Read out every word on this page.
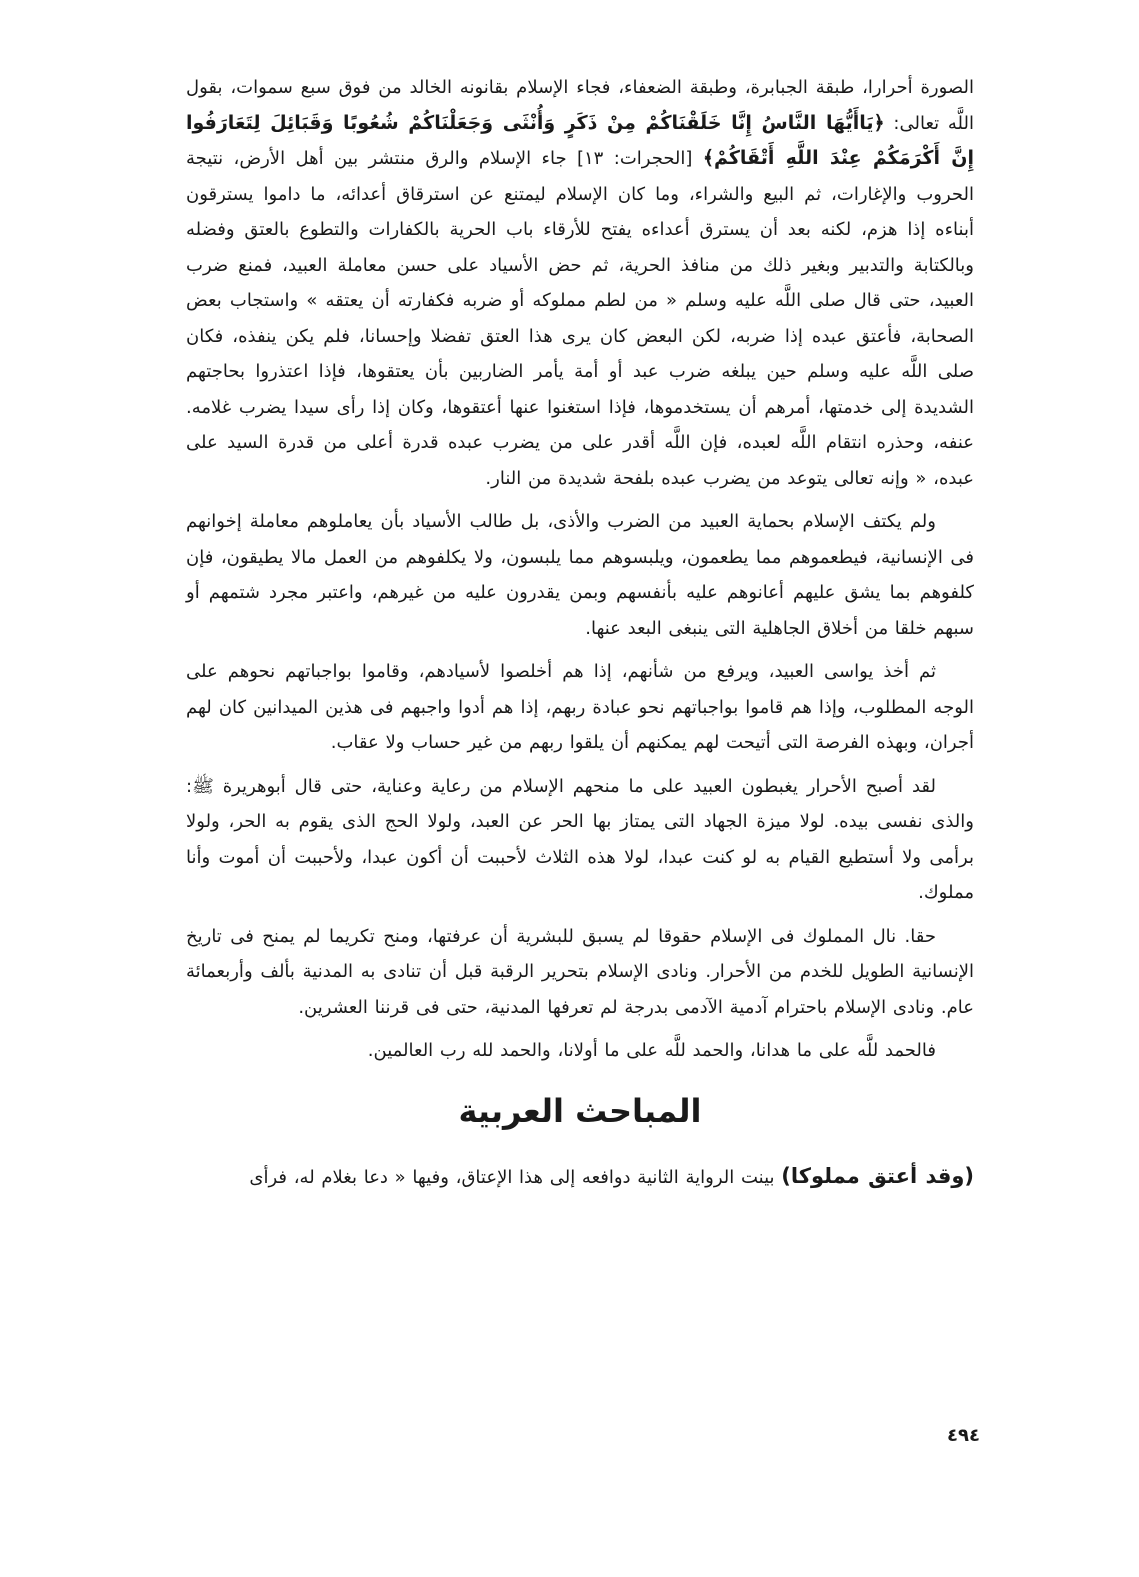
الصورة أحرارا، طبقة الجبابرة، وطبقة الضعفاء، فجاء الإسلام بقانونه الخالد من فوق سبع سموات، بقول اللَّه تعالى: ﴿يَاأَيُّهَا النَّاسُ إِنَّا خَلَقْنَاكُمْ مِنْ ذَكَرٍ وَأُنْثَى وَجَعَلْنَاكُمْ شُعُوبًا وَقَبَائِلَ لِتَعَارَفُوا إِنَّ أَكْرَمَكُمْ عِنْدَ اللَّهِ أَتْقَاكُمْ﴾ [الحجرات: ١٣] جاء الإسلام والرق منتشر بين أهل الأرض، نتيجة الحروب والإغارات، ثم البيع والشراء، وما كان الإسلام ليمتنع عن استرقاق أعدائه، ما داموا يسترقون أبناءه إذا هزم، لكنه بعد أن يسترق أعداءه يفتح للأرقاء باب الحرية بالكفارات والتطوع بالعتق وفضله وبالكتابة والتدبير وبغير ذلك من منافذ الحرية، ثم حض الأسياد على حسن معاملة العبيد، فمنع ضرب العبيد، حتى قال صلى اللَّه عليه وسلم « من لطم مملوكه أو ضربه فكفارته أن يعتقه » واستجاب بعض الصحابة، فأعتق عبده إذا ضربه، لكن البعض كان يرى هذا العتق تفضلا وإحسانا، فلم يكن ينفذه، فكان صلى اللَّه عليه وسلم حين يبلغه ضرب عبد أو أمة يأمر الضاربين بأن يعتقوها، فإذا اعتذروا بحاجتهم الشديدة إلى خدمتها، أمرهم أن يستخدموها، فإذا استغنوا عنها أعتقوها، وكان إذا رأى سيدا يضرب غلامه. عنفه، وحذره انتقام اللَّه لعبده، فإن اللَّه أقدر على من يضرب عبده قدرة أعلى من قدرة السيد على عبده، « وإنه تعالى يتوعد من يضرب عبده بلفحة شديدة من النار.

ولم يكتف الإسلام بحماية العبيد من الضرب والأذى، بل طالب الأسياد بأن يعاملوهم معاملة إخوانهم فى الإنسانية، فيطعموهم مما يطعمون، ويلبسوهم مما يلبسون، ولا يكلفوهم من العمل مالا يطيقون، فإن كلفوهم بما يشق عليهم أعانوهم عليه بأنفسهم وبمن يقدرون عليه من غيرهم، واعتبر مجرد شتمهم أو سبهم خلقا من أخلاق الجاهلية التى ينبغى البعد عنها.

ثم أخذ يواسى العبيد، ويرفع من شأنهم، إذا هم أخلصوا لأسيادهم، وقاموا بواجباتهم نحوهم على الوجه المطلوب، وإذا هم قاموا بواجباتهم نحو عبادة ربهم، إذا هم أدوا واجبهم فى هذين الميدانين كان لهم أجران، وبهذه الفرصة التى أتيحت لهم يمكنهم أن يلقوا ربهم من غير حساب ولا عقاب.

لقد أصبح الأحرار يغبطون العبيد على ما منحهم الإسلام من رعاية وعناية، حتى قال أبوهريرة ﷺ: والذى نفسى بيده. لولا ميزة الجهاد التى يمتاز بها الحر عن العبد، ولولا الحج الذى يقوم به الحر، ولولا برأمى ولا أستطيع القيام به لو كنت عبدا، لولا هذه الثلاث لأحببت أن أكون عبدا، ولأحببت أن أموت وأنا مملوك.

حقا. نال المملوك فى الإسلام حقوقا لم يسبق للبشرية أن عرفتها، ومنح تكريما لم يمنح فى تاريخ الإنسانية الطويل للخدم من الأحرار. ونادى الإسلام بتحرير الرقبة قبل أن تنادى به المدنية بألف وأربعمائة عام. ونادى الإسلام باحترام آدمية الآدمى بدرجة لم تعرفها المدنية، حتى فى قرننا العشرين.

فالحمد للَّه على ما هدانا، والحمد للَّه على ما أولانا، والحمد لله رب العالمين.

المباحث العربية

(وقد أعتق مملوكا) بينت الرواية الثانية دوافعه إلى هذا الإعتاق، وفيها « دعا بغلام له، فرأى

٤٩٤
